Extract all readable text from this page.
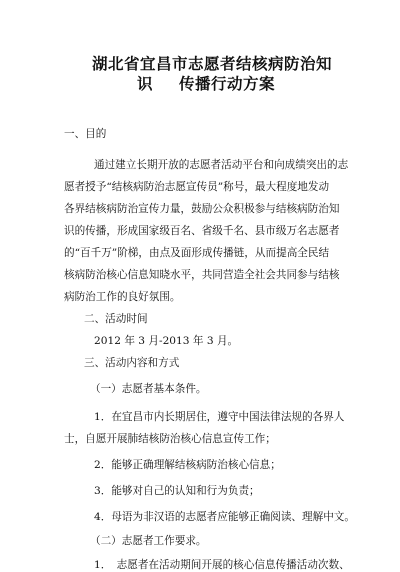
湖北省宜昌市志愿者结核病防治知
识 传播行动方案
一、目的
通过建立长期开放的志愿者活动平台和向成绩突出的志
愿者授予“结核病防治志愿宣传员”称号，最大程度地发动
各界结核病防治宣传力量，鼓励公众积极参与结核病防治知
识的传播，形成国家级百名、省级千名、县市级万名志愿者
的“百千万”阶梯，由点及面形成传播链，从而提高全民结
核病防治核心信息知晓水平，共同营造全社会共同参与结核
病防治工作的良好氛围。
二、活动时间
2012 年 3 月-2013 年 3 月。
三、活动内容和方式
（一）志愿者基本条件。
1．在宜昌市内长期居住，遵守中国法律法规的各界人
士，自愿开展肺结核防治核心信息宣传工作；
2．能够正确理解结核病防治核心信息；
3．能够对自己的认知和行为负责；
4．母语为非汉语的志愿者应能够正确阅读、理解中文。
（二）志愿者工作要求。
1．　志愿者在活动期间开展的核心信息传播活动次数、
